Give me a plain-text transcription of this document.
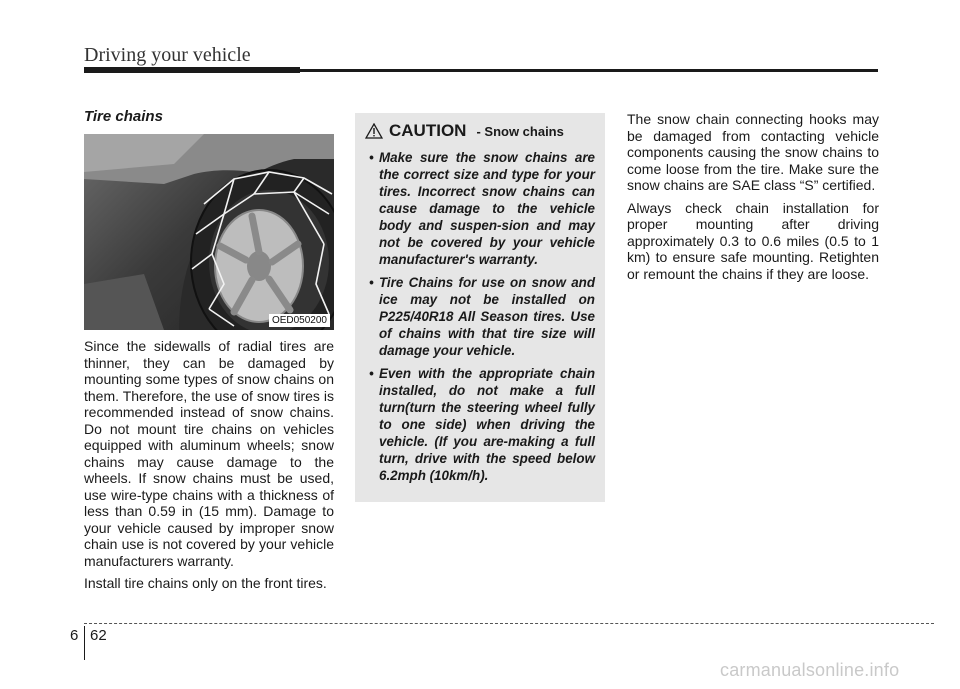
Driving your vehicle
Tire chains
OED050200

Since the sidewalls of radial tires are thinner, they can be damaged by mounting some types of snow chains on them. Therefore, the use of snow tires is recommended instead of snow chains. Do not mount tire chains on vehicles equipped with aluminum wheels; snow chains may cause damage to the wheels. If snow chains must be used, use wire-type chains with a thickness of less than 0.59 in (15 mm). Damage to your vehicle caused by improper snow chain use is not covered by your vehicle manufacturers warranty.

Install tire chains only on the front tires.

CAUTION - Snow chains
• Make sure the snow chains are the correct size and type for your tires. Incorrect snow chains can cause damage to the vehicle body and suspen-sion and may not be covered by your vehicle manufacturer's warranty.
• Tire Chains for use on snow and ice may not be installed on P225/40R18 All Season tires. Use of chains with that tire size will damage your vehicle.
• Even with the appropriate chain installed, do not make a full turn(turn the steering wheel fully to one side) when driving the vehicle. (If you are-making a full turn, drive with the speed below 6.2mph (10km/h).

The snow chain connecting hooks may be damaged from contacting vehicle components causing the snow chains to come loose from the tire. Make sure the snow chains are SAE class “S” certified.

Always check chain installation for proper mounting after driving approximately 0.3 to 0.6 miles (0.5 to 1 km) to ensure safe mounting. Retighten or remount the chains if they are loose.

6 62
carmanualsonline.info
